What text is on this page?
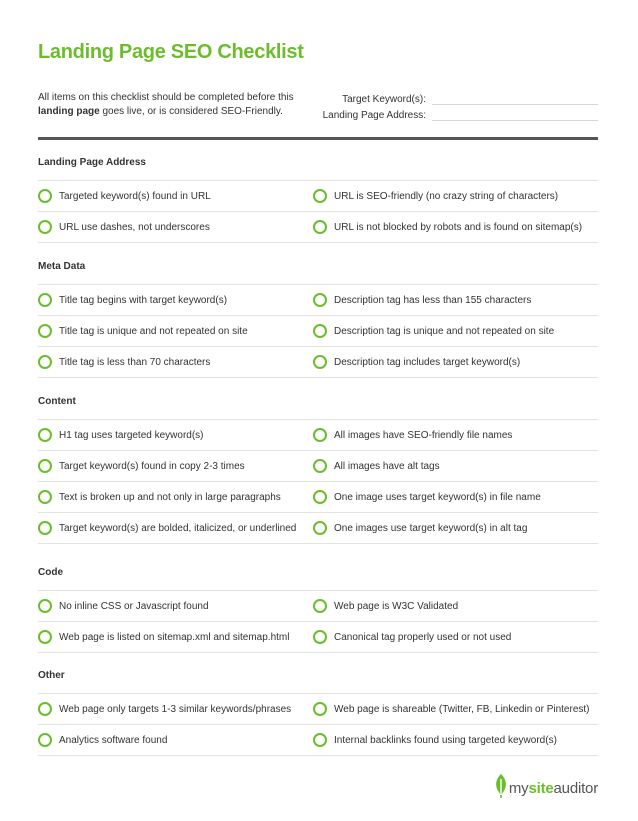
Landing Page SEO Checklist
All items on this checklist should be completed before this
landing page goes live, or is considered SEO-Friendly.
Target Keyword(s):
Landing Page Address:
Landing Page Address
Targeted keyword(s) found in URL	URL is SEO-friendly (no crazy string of characters)
URL use dashes, not underscores	URL is not blocked by robots and is found on sitemap(s)
Meta Data
Title tag begins with target keyword(s)	Description tag has less than 155 characters
Title tag is unique and not repeated on site	Description tag is unique and not repeated on site
Title tag is less than 70 characters	Description tag includes target keyword(s)
Content
H1 tag uses targeted keyword(s)	All images have SEO-friendly file names
Target keyword(s) found in copy 2-3 times	All images have alt tags
Text is broken up and not only in large paragraphs	One image uses target keyword(s) in file name
Target keyword(s) are bolded, italicized, or underlined	One images use target keyword(s) in alt tag
Code
No inline CSS or Javascript found	Web page is W3C Validated
Web page is listed on sitemap.xml and sitemap.html	Canonical tag properly used or not used
Other
Web page only targets 1-3 similar keywords/phrases	Web page is shareable (Twitter, FB, Linkedin or Pinterest)
Analytics software found	Internal backlinks found using targeted keyword(s)
mysiteauditor
